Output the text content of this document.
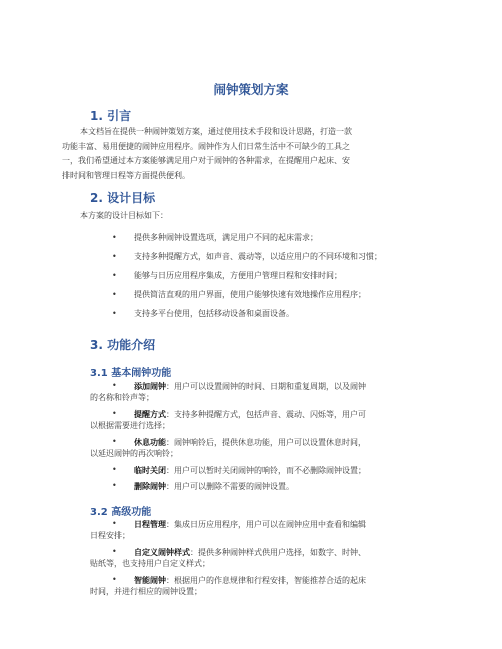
闹钟策划方案
1. 引言
本文档旨在提供一种闹钟策划方案，通过使用技术手段和设计思路，打造一款
功能丰富、易用便捷的闹钟应用程序。闹钟作为人们日常生活中不可缺少的工具之
一，我们希望通过本方案能够满足用户对于闹钟的各种需求，在提醒用户起床、安
排时间和管理日程等方面提供便利。
2. 设计目标
本方案的设计目标如下：
• 提供多种闹钟设置选项，满足用户不同的起床需求；
• 支持多种提醒方式，如声音、震动等，以适应用户的不同环境和习惯；
• 能够与日历应用程序集成，方便用户管理日程和安排时间；
• 提供简洁直观的用户界面，使用户能够快速有效地操作应用程序；
• 支持多平台使用，包括移动设备和桌面设备。
3. 功能介绍
3.1 基本闹钟功能
• 添加闹钟：用户可以设置闹钟的时间、日期和重复周期，以及闹钟
的名称和铃声等；
• 提醒方式：支持多种提醒方式，包括声音、震动、闪烁等，用户可
以根据需要进行选择；
• 休息功能：闹钟响铃后，提供休息功能，用户可以设置休息时间，
以延迟闹钟的再次响铃；
• 临时关闭：用户可以暂时关闭闹钟的响铃，而不必删除闹钟设置；
• 删除闹钟：用户可以删除不需要的闹钟设置。
3.2 高级功能
• 日程管理：集成日历应用程序，用户可以在闹钟应用中查看和编辑
日程安排；
• 自定义闹钟样式：提供多种闹钟样式供用户选择，如数字、时钟、
贴纸等，也支持用户自定义样式；
• 智能闹钟：根据用户的作息规律和行程安排，智能推荐合适的起床
时间，并进行相应的闹钟设置；
